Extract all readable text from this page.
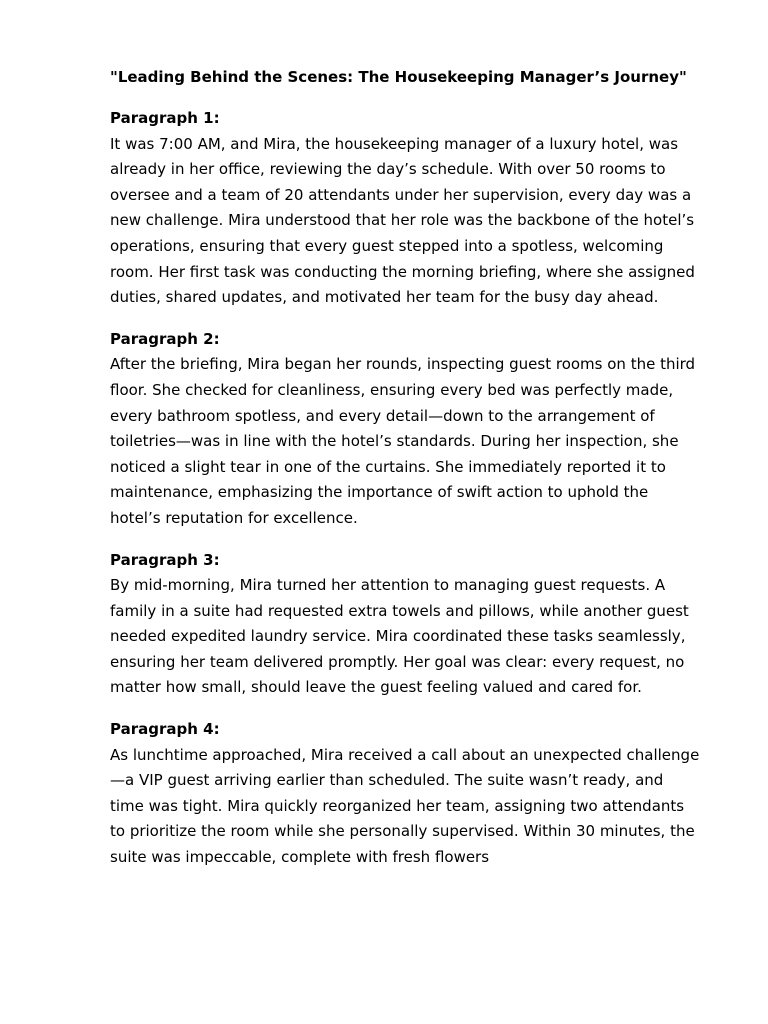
"Leading Behind the Scenes: The Housekeeping Manager’s Journey"

Paragraph 1:

It was 7:00 AM, and Mira, the housekeeping manager of a luxury hotel, was already in her office, reviewing the day’s schedule. With over 50 rooms to oversee and a team of 20 attendants under her supervision, every day was a new challenge. Mira understood that her role was the backbone of the hotel’s operations, ensuring that every guest stepped into a spotless, welcoming room. Her first task was conducting the morning briefing, where she assigned duties, shared updates, and motivated her team for the busy day ahead.

Paragraph 2:

After the briefing, Mira began her rounds, inspecting guest rooms on the third floor. She checked for cleanliness, ensuring every bed was perfectly made, every bathroom spotless, and every detail—down to the arrangement of toiletries—was in line with the hotel’s standards. During her inspection, she noticed a slight tear in one of the curtains. She immediately reported it to maintenance, emphasizing the importance of swift action to uphold the hotel’s reputation for excellence.

Paragraph 3:

By mid-morning, Mira turned her attention to managing guest requests. A family in a suite had requested extra towels and pillows, while another guest needed expedited laundry service. Mira coordinated these tasks seamlessly, ensuring her team delivered promptly. Her goal was clear: every request, no matter how small, should leave the guest feeling valued and cared for.

Paragraph 4:

As lunchtime approached, Mira received a call about an unexpected challenge—a VIP guest arriving earlier than scheduled. The suite wasn’t ready, and time was tight. Mira quickly reorganized her team, assigning two attendants to prioritize the room while she personally supervised. Within 30 minutes, the suite was impeccable, complete with fresh flowers
